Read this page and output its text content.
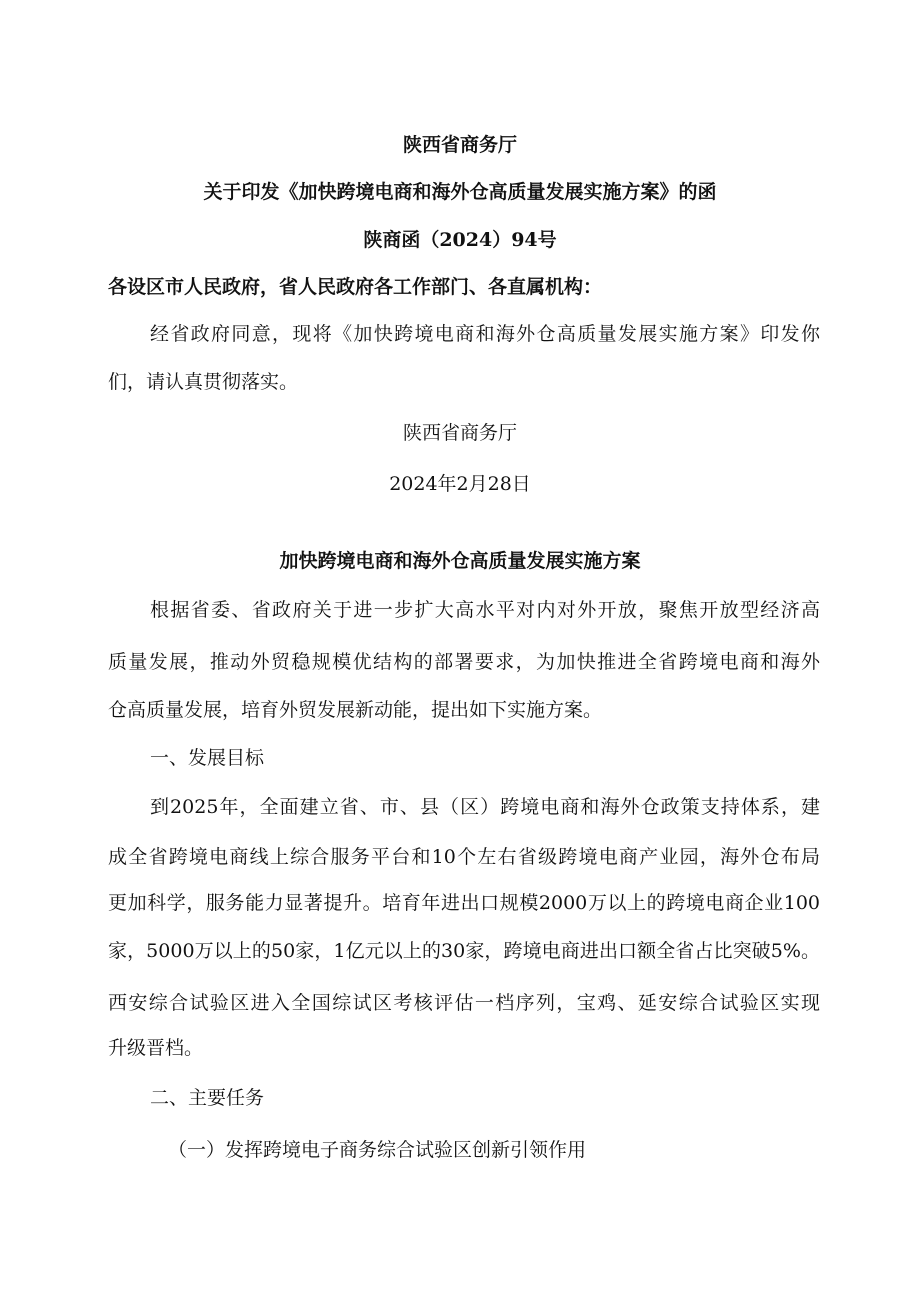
陕西省商务厅
关于印发《加快跨境电商和海外仓高质量发展实施方案》的函
陕商函（2024）94号
各设区市人民政府，省人民政府各工作部门、各直属机构：
经省政府同意，现将《加快跨境电商和海外仓高质量发展实施方案》印发你
们，请认真贯彻落实。
陕西省商务厅
2024年2月28日
加快跨境电商和海外仓高质量发展实施方案
根据省委、省政府关于进一步扩大高水平对内对外开放，聚焦开放型经济高
质量发展，推动外贸稳规模优结构的部署要求，为加快推进全省跨境电商和海外
仓高质量发展，培育外贸发展新动能，提出如下实施方案。
一、发展目标
到2025年，全面建立省、市、县（区）跨境电商和海外仓政策支持体系，建
成全省跨境电商线上综合服务平台和10个左右省级跨境电商产业园，海外仓布局
更加科学，服务能力显著提升。培育年进出口规模2000万以上的跨境电商企业100
家，5000万以上的50家，1亿元以上的30家，跨境电商进出口额全省占比突破5%。
西安综合试验区进入全国综试区考核评估一档序列，宝鸡、延安综合试验区实现
升级晋档。
二、主要任务
（一）发挥跨境电子商务综合试验区创新引领作用
